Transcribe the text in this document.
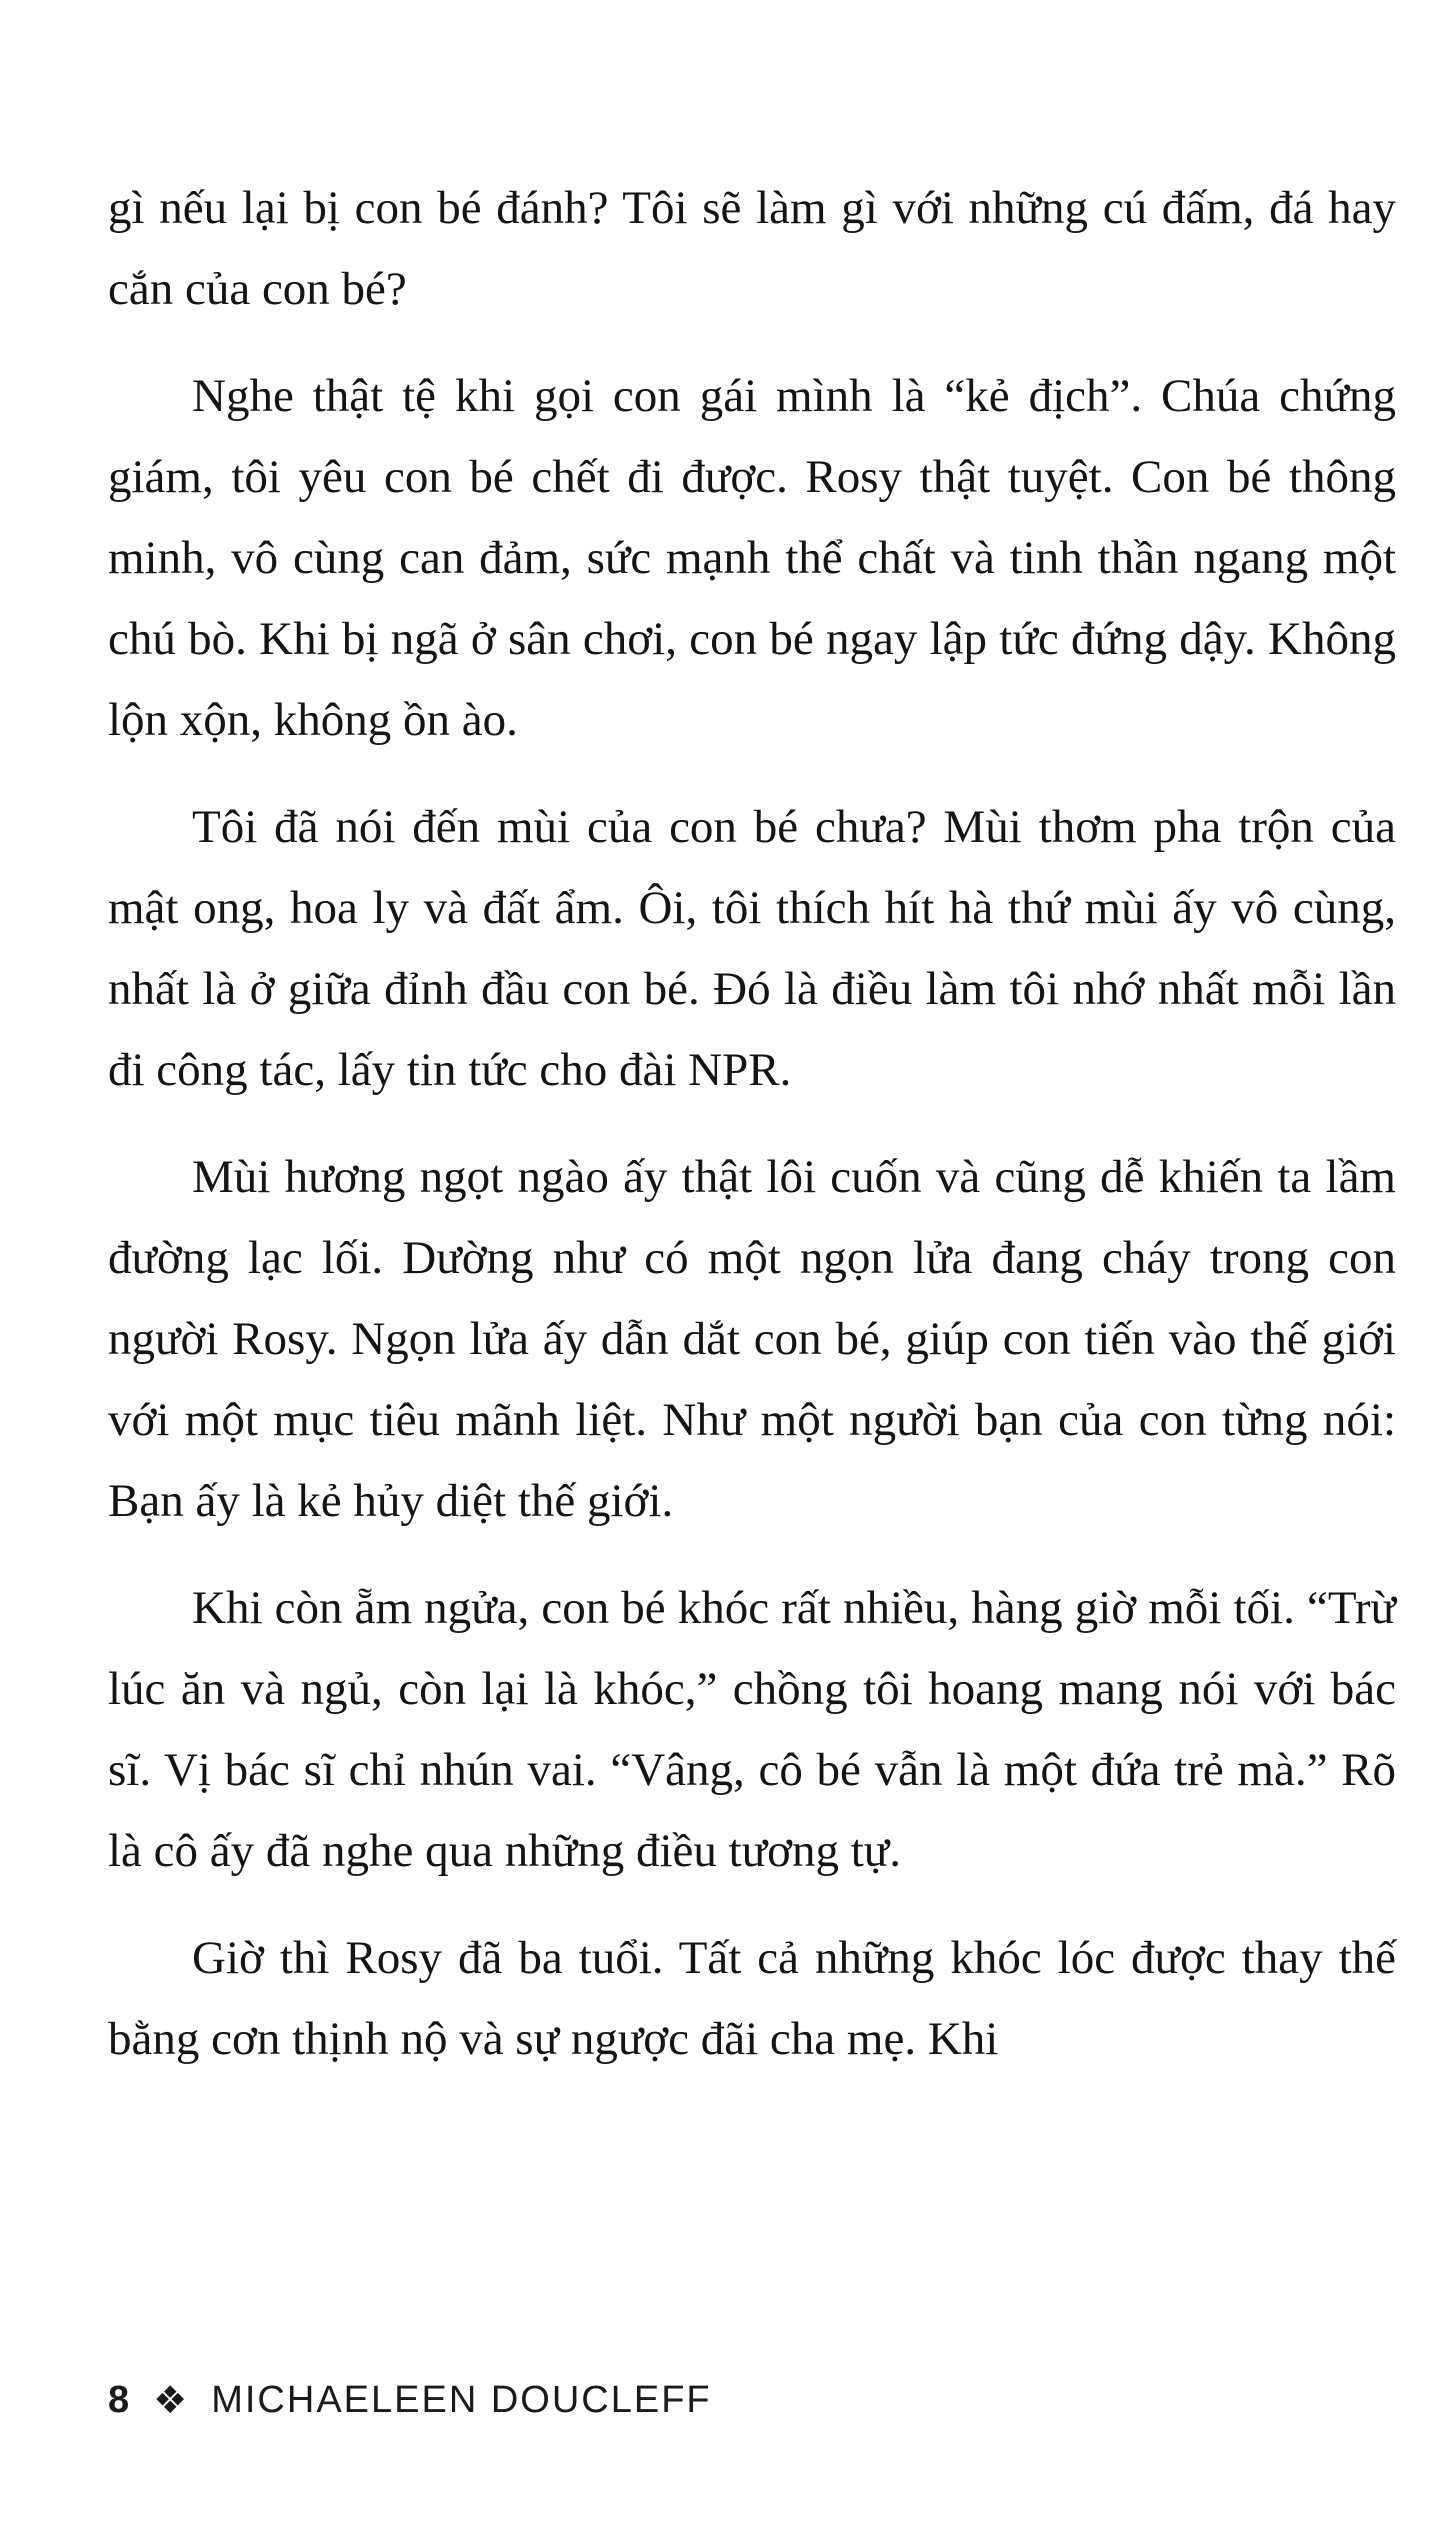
gì nếu lại bị con bé đánh? Tôi sẽ làm gì với những cú đấm, đá hay cắn của con bé?

Nghe thật tệ khi gọi con gái mình là “kẻ địch”. Chúa chứng giám, tôi yêu con bé chết đi được. Rosy thật tuyệt. Con bé thông minh, vô cùng can đảm, sức mạnh thể chất và tinh thần ngang một chú bò. Khi bị ngã ở sân chơi, con bé ngay lập tức đứng dậy. Không lộn xộn, không ồn ào.

Tôi đã nói đến mùi của con bé chưa? Mùi thơm pha trộn của mật ong, hoa ly và đất ẩm. Ôi, tôi thích hít hà thứ mùi ấy vô cùng, nhất là ở giữa đỉnh đầu con bé. Đó là điều làm tôi nhớ nhất mỗi lần đi công tác, lấy tin tức cho đài NPR.

Mùi hương ngọt ngào ấy thật lôi cuốn và cũng dễ khiến ta lầm đường lạc lối. Dường như có một ngọn lửa đang cháy trong con người Rosy. Ngọn lửa ấy dẫn dắt con bé, giúp con tiến vào thế giới với một mục tiêu mãnh liệt. Như một người bạn của con từng nói: Bạn ấy là kẻ hủy diệt thế giới.

Khi còn ẵm ngửa, con bé khóc rất nhiều, hàng giờ mỗi tối. “Trừ lúc ăn và ngủ, còn lại là khóc,” chồng tôi hoang mang nói với bác sĩ. Vị bác sĩ chỉ nhún vai. “Vâng, cô bé vẫn là một đứa trẻ mà.” Rõ là cô ấy đã nghe qua những điều tương tự.

Giờ thì Rosy đã ba tuổi. Tất cả những khóc lóc được thay thế bằng cơn thịnh nộ và sự ngược đãi cha mẹ. Khi

8 ❖ MICHAELEEN DOUCLEFF
